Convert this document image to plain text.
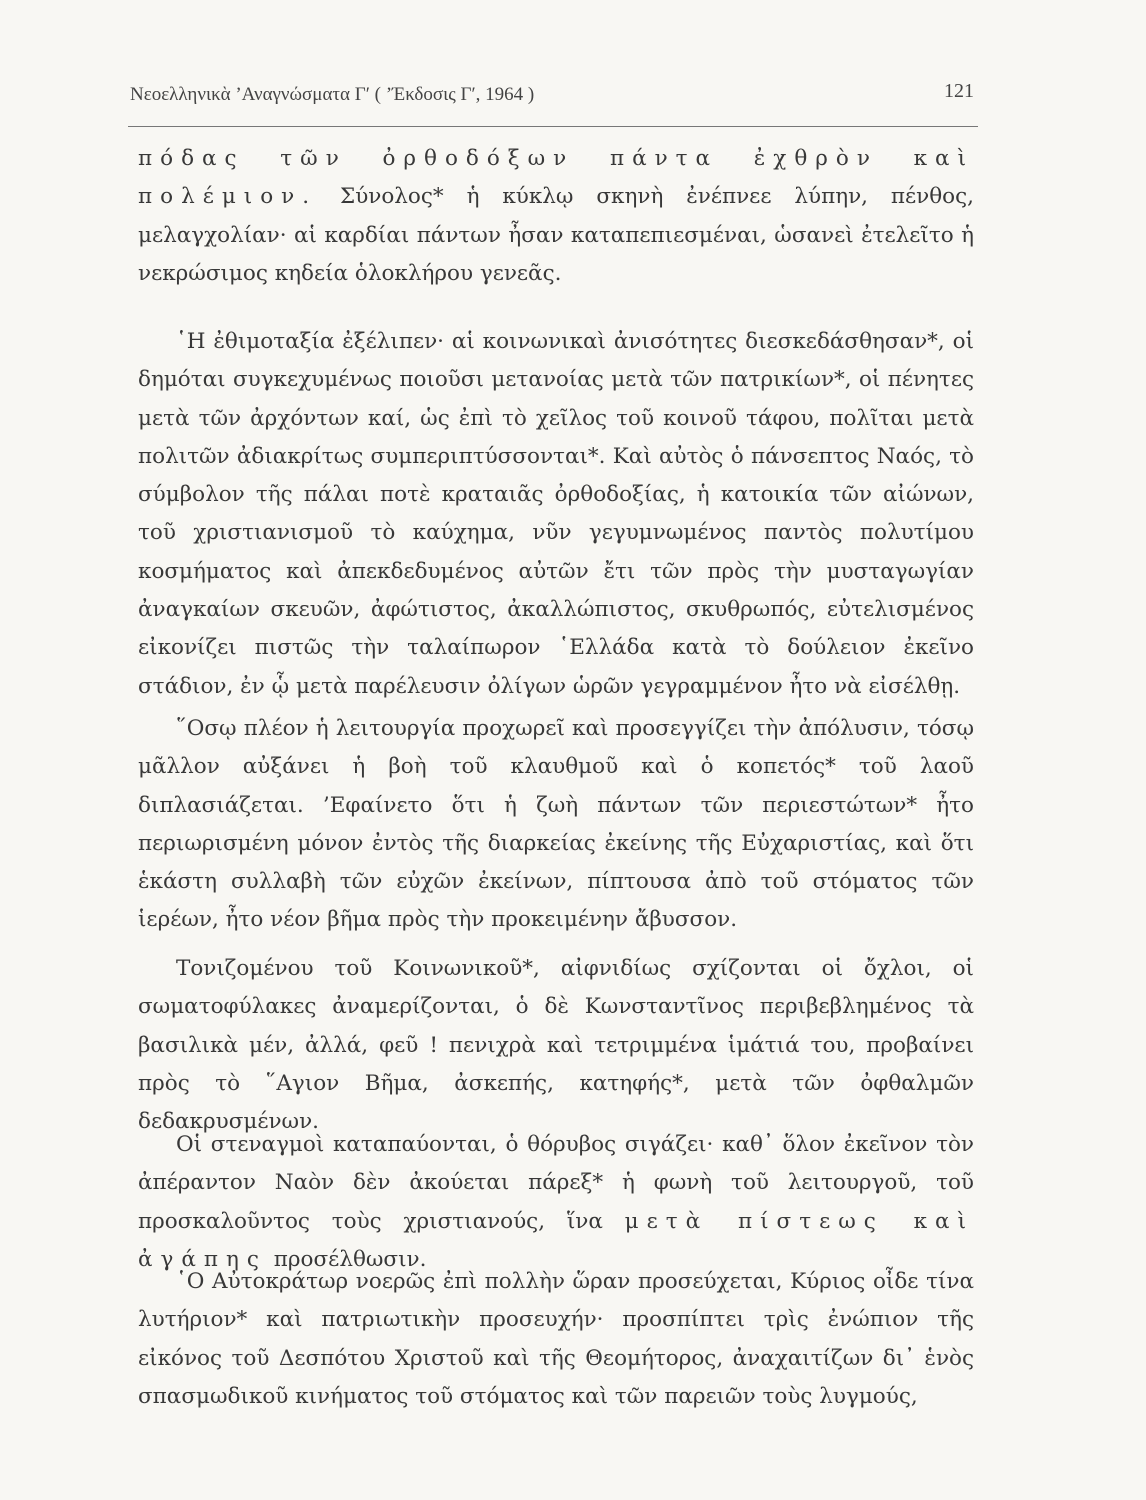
Νεοελληνικὰ ’Αναγνώσματα Γ′ ( ’Έκδοσις Γ′, 1964 )	121

πόδας τῶν ὀρθοδόξων πάντα ἐχθρὸν καὶ πολέμιον. Σύνολος* ἡ κύκλῳ σκηνὴ ἐνέπνεε λύπην, πένθος, μελαγχολίαν· αἱ καρδίαι πάντων ἦσαν καταπεπιεσμέναι, ὡσανεὶ ἐτελεῖτο ἡ νεκρώσιμος κηδεία ὁλοκλήρου γενεᾶς.

῾Η ἐθιμοταξία ἐξέλιπεν· αἱ κοινωνικαὶ ἀνισότητες διεσκεδάσθησαν*, οἱ δημόται συγκεχυμένως ποιοῦσι μετανοίας μετὰ τῶν πατρικίων*, οἱ πένητες μετὰ τῶν ἀρχόντων καί, ὡς ἐπὶ τὸ χεῖλος τοῦ κοινοῦ τάφου, πολῖται μετὰ πολιτῶν ἀδιακρίτως συμπεριπτύσσονται*. Καὶ αὐτὸς ὁ πάνσεπτος Ναός, τὸ σύμβολον τῆς πάλαι ποτὲ κραταιᾶς ὀρθοδοξίας, ἡ κατοικία τῶν αἰώνων, τοῦ χριστιανισμοῦ τὸ καύχημα, νῦν γεγυμνωμένος παντὸς πολυτίμου κοσμήματος καὶ ἀπεκδεδυμένος αὐτῶν ἔτι τῶν πρὸς τὴν μυσταγωγίαν ἀναγκαίων σκευῶν, ἀφώτιστος, ἀκαλλώπιστος, σκυθρωπός, εὐτελισμένος εἰκονίζει πιστῶς τὴν ταλαίπωρον ῾Ελλάδα κατὰ τὸ δούλειον ἐκεῖνο στάδιον, ἐν ᾧ μετὰ παρέλευσιν ὀλίγων ὡρῶν γεγραμμένον ἦτο νὰ εἰσέλθῃ.

῞Οσῳ πλέον ἡ λειτουργία προχωρεῖ καὶ προσεγγίζει τὴν ἀπόλυσιν, τόσῳ μᾶλλον αὐξάνει ἡ βοὴ τοῦ κλαυθμοῦ καὶ ὁ κοπετός* τοῦ λαοῦ διπλασιάζεται. ’Εφαίνετο ὅτι ἡ ζωὴ πάντων τῶν περιεστώτων* ἦτο περιωρισμένη μόνον ἐντὸς τῆς διαρκείας ἐκείνης τῆς Εὐχαριστίας, καὶ ὅτι ἑκάστη συλλαβὴ τῶν εὐχῶν ἐκείνων, πίπτουσα ἀπὸ τοῦ στόματος τῶν ἱερέων, ἦτο νέον βῆμα πρὸς τὴν προκειμένην ἄβυσσον.

Τονιζομένου τοῦ Κοινωνικοῦ*, αἰφνιδίως σχίζονται οἱ ὄχλοι, οἱ σωματοφύλακες ἀναμερίζονται, ὁ δὲ Κωνσταντῖνος περιβεβλημένος τὰ βασιλικὰ μέν, ἀλλά, φεῦ ! πενιχρὰ καὶ τετριμμένα ἱμάτιά του, προβαίνει πρὸς τὸ ῞Αγιον Βῆμα, ἀσκεπής, κατηφής*, μετὰ τῶν ὀφθαλμῶν δεδακρυσμένων.

Οἱ στεναγμοὶ καταπαύονται, ὁ θόρυβος σιγάζει· καθ᾿ ὅλον ἐκεῖνον τὸν ἀπέραντον Ναὸν δὲν ἀκούεται πάρεξ* ἡ φωνὴ τοῦ λειτουργοῦ, τοῦ προσκαλοῦντος τοὺς χριστιανούς, ἵνα μετὰ πίστεως καὶ ἀγάπης προσέλθωσιν.

῾Ο Αὐτοκράτωρ νοερῶς ἐπὶ πολλὴν ὥραν προσεύχεται, Κύριος οἶδε τίνα λυτήριον* καὶ πατριωτικὴν προσευχήν· προσπίπτει τρὶς ἐνώπιον τῆς εἰκόνος τοῦ Δεσπότου Χριστοῦ καὶ τῆς Θεομήτορος, ἀναχαιτίζων δι᾿ ἑνὸς σπασμωδικοῦ κινήματος τοῦ στόματος καὶ τῶν παρειῶν τοὺς λυγμούς,
